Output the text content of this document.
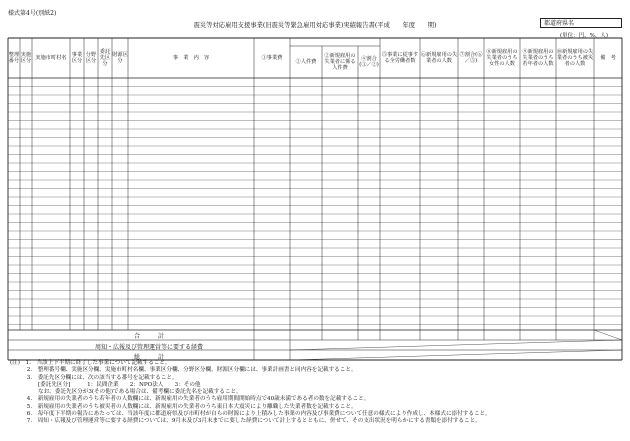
様式第4号(別紙2)
震災等対応雇用支援事業(旧震災等緊急雇用対応事業)実績報告書(平成　　年度　　期)	都道府県名
(単位：円、%、人)
整理番号
実施区分
実施市町村名
事業区分
分野区分
委託先区分
財源区分
事　業　内　容	①事業費
②人件費
②新規雇用の失業者に係る人件費
④割合(③／②)
⑤事業に従事する全労働者数
⑥新規雇用の失業者の人数
⑦割合(⑥／⑤)
⑧新規雇用の失業者のうち女性の人数
⑨新規雇用の失業者のうち若年者の人数
⑩新規雇用の失業者のうち被災者の人数
備　考
合　　　計
周知・広報及び管理運営等に要する経費
総　　　計
(注)　1.　当該上下半期に終了した事業について記載すること。
　　　2.　整理番号欄、実施区分欄、実施市町村名欄、事業区分欄、分野区分欄、財源区分欄には、事業計画書と同内容を記載すること。
　　　3.　委託先区分欄には、次の該当する番号を記載すること。
　　　　　[委託先区分]　　　1：民間企業　　2：NPO法人　　3：その他
　　　　　なお、委託先区分が3(その他)である場合は、備考欄に委託先名を記載すること。
　　　4.　新規雇用の失業者のうち若年者の人数欄には、新規雇用の失業者のうち雇用期間開始時点で40歳未満である者の数を記載すること。
　　　5.　新規雇用の失業者のうち被災者の人数欄には、新規雇用の失業者のうち東日本大震災により離職した失業者数を記載すること。
　　　6.　毎年度下半期の報告にあたっては、当該年度に都道府県及び市町村が自らの財源により上積みした事業の内容及び事業費について任意の様式により作成し、本様式に添付すること。
　　　7.　周知・広報及び管理運営等に要する経費については、9月末及び3月末までに要した経費について計上するとともに、併せて、その支出状況を明らかにする書類を添付すること。
